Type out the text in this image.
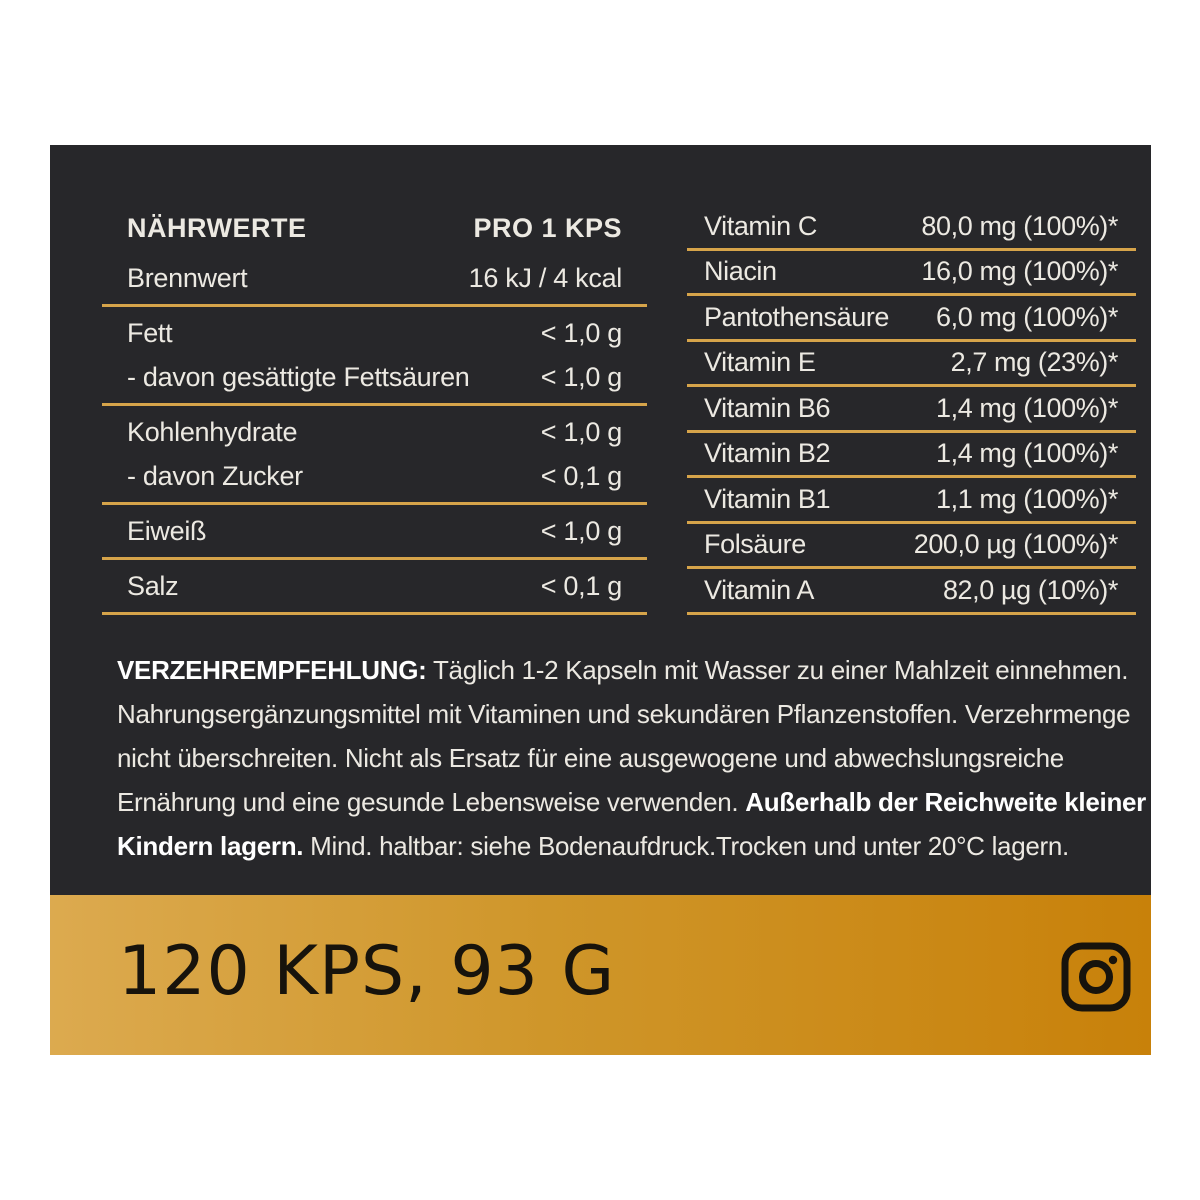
NÄHRWERTE	PRO 1 KPS
Brennwert	16 kJ / 4 kcal
Fett	< 1,0 g
- davon gesättigte Fettsäuren	< 1,0 g
Kohlenhydrate	< 1,0 g
- davon Zucker	< 0,1 g
Eiweiß	< 1,0 g
Salz	< 0,1 g
Vitamin C	80,0 mg (100%)*
Niacin	16,0 mg (100%)*
Pantothensäure 6,0 mg (100%)*
Vitamin E	2,7 mg (23%)*
Vitamin B6	1,4 mg (100%)*
Vitamin B2	1,4 mg (100%)*
Vitamin B1	1,1 mg (100%)*
Folsäure	200,0 µg (100%)*
Vitamin A	82,0 µg (10%)*
VERZEHREMPFEHLUNG: Täglich 1-2 Kapseln mit Wasser zu einer Mahlzeit einnehmen. Nahrungsergänzungsmittel mit Vitaminen und sekundären Pflanzenstoffen. Verzehrmenge nicht überschreiten. Nicht als Ersatz für eine ausgewogene und abwechslungsreiche Ernährung und eine gesunde Lebensweise verwenden. Außerhalb der Reichweite kleiner Kindern lagern. Mind. haltbar: siehe Bodenaufdruck.Trocken und unter 20°C lagern.
120 KPS, 93 G
